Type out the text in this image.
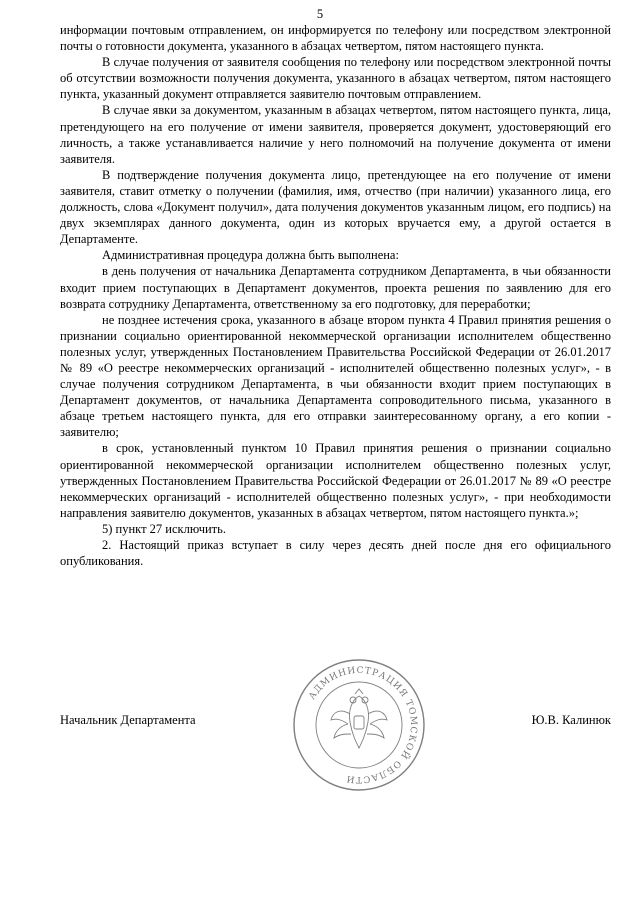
5

информации почтовым отправлением, он информируется по телефону или посредством электронной почты о готовности документа, указанного в абзацах четвертом, пятом настоящего пункта.

В случае получения от заявителя сообщения по телефону или посредством электронной почты об отсутствии возможности получения документа, указанного в абзацах четвертом, пятом настоящего пункта, указанный документ отправляется заявителю почтовым отправлением.

В случае явки за документом, указанным в абзацах четвертом, пятом настоящего пункта, лица, претендующего на его получение от имени заявителя, проверяется документ, удостоверяющий его личность, а также устанавливается наличие у него полномочий на получение документа от имени заявителя.

В подтверждение получения документа лицо, претендующее на его получение от имени заявителя, ставит отметку о получении (фамилия, имя, отчество (при наличии) указанного лица, его должность, слова «Документ получил», дата получения документов указанным лицом, его подпись) на двух экземплярах данного документа, один из которых вручается ему, а другой остается в Департаменте.

Административная процедура должна быть выполнена:

в день получения от начальника Департамента сотрудником Департамента, в чьи обязанности входит прием поступающих в Департамент документов, проекта решения по заявлению для его возврата сотруднику Департамента, ответственному за его подготовку, для переработки;

не позднее истечения срока, указанного в абзаце втором пункта 4 Правил принятия решения о признании социально ориентированной некоммерческой организации исполнителем общественно полезных услуг, утвержденных Постановлением Правительства Российской Федерации от 26.01.2017 № 89 «О реестре некоммерческих организаций - исполнителей общественно полезных услуг», - в случае получения сотрудником Департамента, в чьи обязанности входит прием поступающих в Департамент документов, от начальника Департамента сопроводительного письма, указанного в абзаце третьем настоящего пункта, для его отправки заинтересованному органу, а его копии - заявителю;

в срок, установленный пунктом 10 Правил принятия решения о признании социально ориентированной некоммерческой организации исполнителем общественно полезных услуг, утвержденных Постановлением Правительства Российской Федерации от 26.01.2017 № 89 «О реестре некоммерческих организаций - исполнителей общественно полезных услуг», - при необходимости направления заявителю документов, указанных в абзацах четвертом, пятом настоящего пункта.»;

5) пункт 27 исключить.

2. Настоящий приказ вступает в силу через десять дней после дня его официального опубликования.

АДМИНИСТРАЦИЯ ТОМСКОЙ ОБЛАСТИ
Начальник Департамента	Ю.В. Калинюк
